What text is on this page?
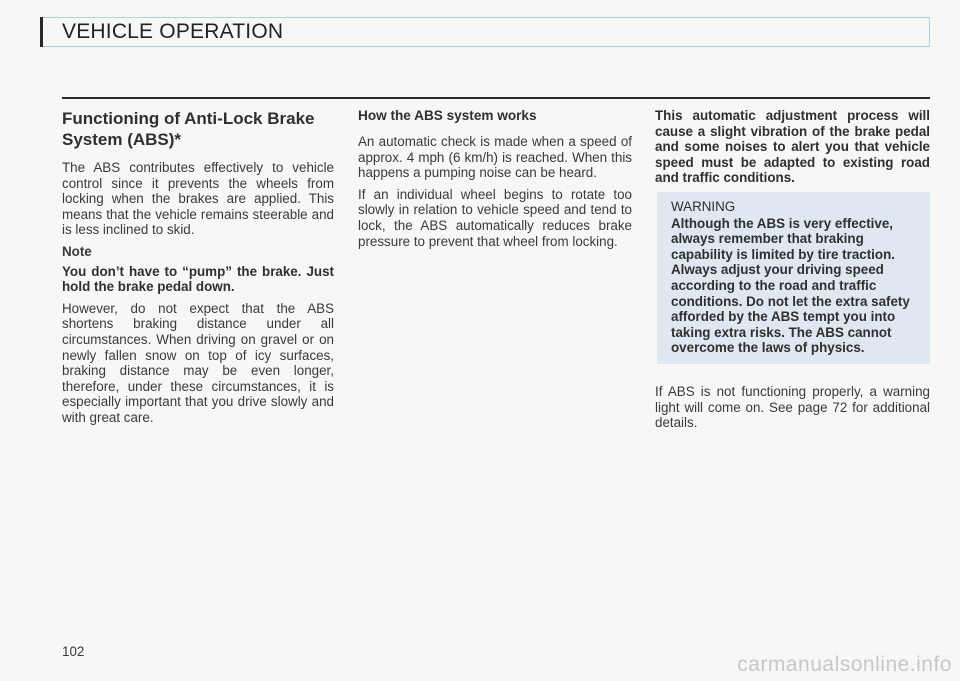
VEHICLE OPERATION
Functioning of Anti-Lock Brake System (ABS)*

The ABS contributes effectively to vehicle control since it prevents the wheels from locking when the brakes are applied. This means that the vehicle remains steerable and is less inclined to skid.

Note

You don’t have to “pump” the brake. Just hold the brake pedal down.

However, do not expect that the ABS shortens braking distance under all circumstances. When driving on gravel or on newly fallen snow on top of icy surfaces, braking distance may be even longer, therefore, under these circumstances, it is especially important that you drive slowly and with great care.

How the ABS system works

An automatic check is made when a speed of approx. 4 mph (6 km/h) is reached. When this happens a pumping noise can be heard.

If an individual wheel begins to rotate too slowly in relation to vehicle speed and tend to lock, the ABS automatically reduces brake pressure to prevent that wheel from locking.

This automatic adjustment process will cause a slight vibration of the brake pedal and some noises to alert you that vehicle speed must be adapted to existing road and traffic conditions.

WARNING
Although the ABS is very effective, always remember that braking capability is limited by tire traction. Always adjust your driving speed according to the road and traffic conditions. Do not let the extra safety afforded by the ABS tempt you into taking extra risks. The ABS cannot overcome the laws of physics.

If ABS is not functioning properly, a warning light will come on. See page 72 for additional details.

102
carmanualsonline.info
